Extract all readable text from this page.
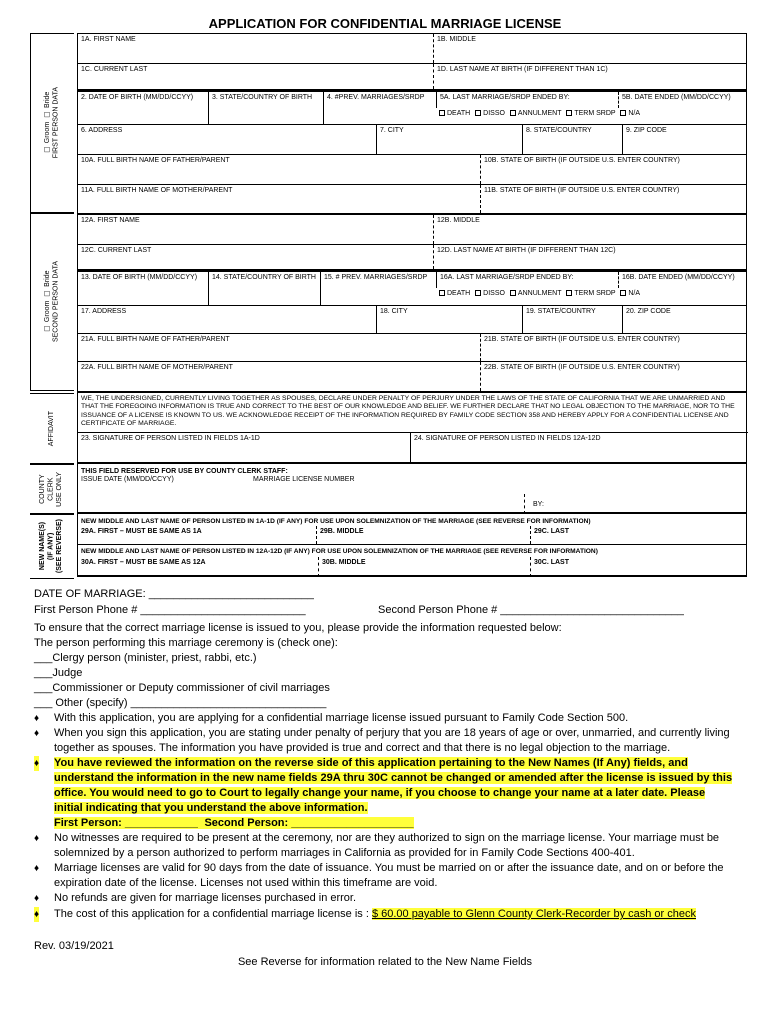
APPLICATION FOR CONFIDENTIAL MARRIAGE LICENSE
☐ Groom  ☐ Bride
FIRST PERSON DATA
☐ Groom  ☐ Bride
SECOND PERSON DATA
AFFIDAVIT
COUNTY
CLERK
USE ONLY
NEW NAME(S)
(IF ANY)
(SEE REVERSE)
1A. FIRST NAME	1B. MIDDLE
1C. CURRENT LAST	1D. LAST NAME AT BIRTH (IF DIFFERENT THAN 1C)
2. DATE OF BIRTH (MM/DD/CCYY)	3. STATE/COUNTRY OF BIRTH	4. #PREV. MARRIAGES/SRDP	5A. LAST MARRIAGE/SRDP ENDED BY:	5B. DATE ENDED (MM/DD/CCYY)
DEATH DISSO ANNULMENT TERM SRDP N/A
6. ADDRESS	7. CITY	8. STATE/COUNTRY	9. ZIP CODE
10A. FULL BIRTH NAME OF FATHER/PARENT	10B. STATE OF BIRTH (IF OUTSIDE U.S. ENTER COUNTRY)
11A. FULL BIRTH NAME OF MOTHER/PARENT	11B. STATE OF BIRTH (IF OUTSIDE U.S. ENTER COUNTRY)
12A. FIRST NAME	12B. MIDDLE
12C. CURRENT LAST	12D. LAST NAME AT BIRTH (IF DIFFERENT THAN 12C)
13. DATE OF BIRTH (MM/DD/CCYY)	14. STATE/COUNTRY OF BIRTH	15. # PREV. MARRIAGES/SRDP	16A. LAST MARRIAGE/SRDP ENDED BY:	16B. DATE ENDED (MM/DD/CCYY)
DEATH DISSO ANNULMENT TERM SRDP N/A
17. ADDRESS	18. CITY	19. STATE/COUNTRY	20. ZIP CODE
21A. FULL BIRTH NAME OF FATHER/PARENT	21B. STATE OF BIRTH (IF OUTSIDE U.S. ENTER COUNTRY)
22A. FULL BIRTH NAME OF MOTHER/PARENT	22B. STATE OF BIRTH (IF OUTSIDE U.S. ENTER COUNTRY)
WE, THE UNDERSIGNED, CURRENTLY LIVING TOGETHER AS SPOUSES, DECLARE UNDER PENALTY OF PERJURY UNDER THE LAWS OF THE STATE OF CALIFORNIA THAT WE ARE UNMARRIED AND THAT THE FOREGOING INFORMATION IS TRUE AND CORRECT TO THE BEST OF OUR KNOWLEDGE AND BELIEF. WE FURTHER DECLARE THAT NO LEGAL OBJECTION TO THE MARRIAGE, NOR TO THE ISSUANCE OF A LICENSE IS KNOWN TO US. WE ACKNOWLEDGE RECEIPT OF THE INFORMATION REQUIRED BY FAMILY CODE SECTION 358 AND HEREBY APPLY FOR A CONFIDENTIAL LICENSE AND CERTIFICATE OF MARRIAGE.
23. SIGNATURE OF PERSON LISTED IN FIELDS 1A-1D	24. SIGNATURE OF PERSON LISTED IN FIELDS 12A-12D
THIS FIELD RESERVED FOR USE BY COUNTY CLERK STAFF:
ISSUE DATE (MM/DD/CCYY)	MARRIAGE LICENSE NUMBER
BY:
NEW MIDDLE AND LAST NAME OF PERSON LISTED IN 1A-1D (IF ANY) FOR USE UPON SOLEMNIZATION OF THE MARRIAGE (SEE REVERSE FOR INFORMATION)
29A. FIRST – MUST BE SAME AS 1A	29B. MIDDLE	29C. LAST
NEW MIDDLE AND LAST NAME OF PERSON LISTED IN 12A-12D (IF ANY) FOR USE UPON SOLEMNIZATION OF THE MARRIAGE (SEE REVERSE FOR INFORMATION)
30A. FIRST – MUST BE SAME AS 12A	30B. MIDDLE	30C. LAST
DATE OF MARRIAGE: ___________________________
First Person Phone # ___________________________	Second Person Phone # ______________________________
To ensure that the correct marriage license is issued to you, please provide the information requested below:
The person performing this marriage ceremony is (check one):
___Clergy person (minister, priest, rabbi, etc.)
___Judge
___Commissioner or Deputy commissioner of civil marriages
___ Other (specify) ________________________________
♦ With this application, you are applying for a confidential marriage license issued pursuant to Family Code Section 500.
♦ When you sign this application, you are stating under penalty of perjury that you are 18 years of age or over, unmarried, and currently living together as spouses. The information you have provided is true and correct and that there is no legal objection to the marriage.
♦ You have reviewed the information on the reverse side of this application pertaining to the New Names (If Any) fields, and understand the information in the new name fields 29A thru 30C cannot be changed or amended after the license is issued by this office. You would need to go to Court to legally change your name, if you choose to change your name at a later date. Please initial indicating that you understand the above information.
First Person: ____________ Second Person: ____________________
♦ No witnesses are required to be present at the ceremony, nor are they authorized to sign on the marriage license. Your marriage must be solemnized by a person authorized to perform marriages in California as provided for in Family Code Sections 400-401.
♦ Marriage licenses are valid for 90 days from the date of issuance. You must be married on or after the issuance date, and on or before the expiration date of the license. Licenses not used within this timeframe are void.
♦ No refunds are given for marriage licenses purchased in error.
♦ The cost of this application for a confidential marriage license is : $ 60.00 payable to Glenn County Clerk-Recorder by cash or check
Rev. 03/19/2021
See Reverse for information related to the New Name Fields
